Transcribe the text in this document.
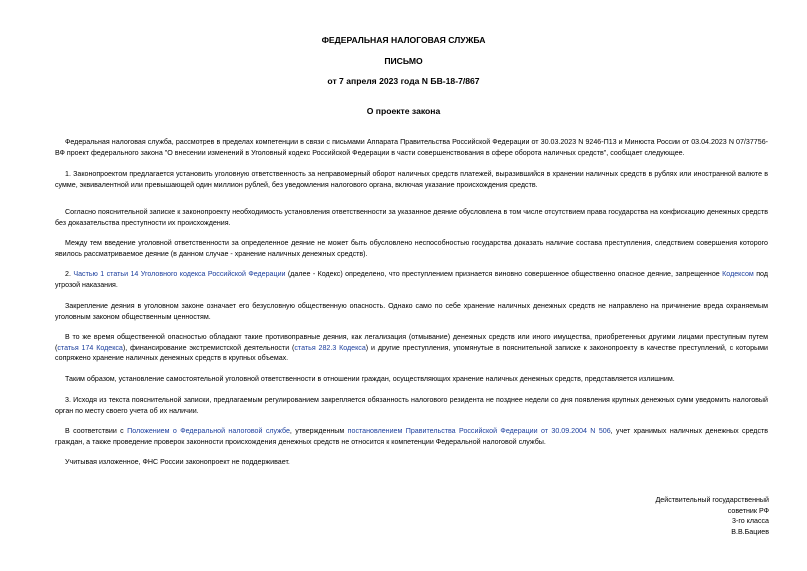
ФЕДЕРАЛЬНАЯ НАЛОГОВАЯ СЛУЖБА
ПИСЬМО
от 7 апреля 2023 года N БВ-18-7/867
О проекте закона

Федеральная налоговая служба, рассмотрев в пределах компетенции в связи с письмами Аппарата Правительства Российской Федерации от 30.03.2023 N 9246-П13 и Минюста России от 03.04.2023 N 07/37756-ВФ проект федерального закона "О внесении изменений в Уголовный кодекс Российской Федерации в части совершенствования в сфере оборота наличных средств", сообщает следующее.

1. Законопроектом предлагается установить уголовную ответственность за неправомерный оборот наличных средств платежей, выразившийся в хранении наличных средств в рублях или иностранной валюте в сумме, эквивалентной или превышающей один миллион рублей, без уведомления налогового органа, включая указание происхождения средств.

Согласно пояснительной записке к законопроекту необходимость установления ответственности за указанное деяние обусловлена в том числе отсутствием права государства на конфискацию денежных средств без доказательства преступности их происхождения.

Между тем введение уголовной ответственности за определенное деяние не может быть обусловлено неспособностью государства доказать наличие состава преступления, следствием совершения которого явилось рассматриваемое деяние (в данном случае - хранение наличных денежных средств).

2. Частью 1 статьи 14 Уголовного кодекса Российской Федерации (далее - Кодекс) определено, что преступлением признается виновно совершенное общественно опасное деяние, запрещенное Кодексом под угрозой наказания.

Закрепление деяния в уголовном законе означает его безусловную общественную опасность. Однако само по себе хранение наличных денежных средств не направлено на причинение вреда охраняемым уголовным законом общественным ценностям.

В то же время общественной опасностью обладают такие противоправные деяния, как легализация (отмывание) денежных средств или иного имущества, приобретенных другими лицами преступным путем (статья 174 Кодекса), финансирование экстремистской деятельности (статья 282.3 Кодекса) и другие преступления, упомянутые в пояснительной записке к законопроекту в качестве преступлений, с которыми сопряжено хранение наличных денежных средств в крупных объемах.

Таким образом, установление самостоятельной уголовной ответственности в отношении граждан, осуществляющих хранение наличных денежных средств, представляется излишним.

3. Исходя из текста пояснительной записки, предлагаемым регулированием закрепляется обязанность налогового резидента не позднее недели со дня появления крупных денежных сумм уведомить налоговый орган по месту своего учета об их наличии.

В соответствии с Положением о Федеральной налоговой службе, утвержденным постановлением Правительства Российской Федерации от 30.09.2004 N 506, учет хранимых наличных денежных средств граждан, а также проведение проверок законности происхождения денежных средств не относится к компетенции Федеральной налоговой службы.

Учитывая изложенное, ФНС России законопроект не поддерживает.

Действительный государственный
советник РФ
3-го класса
В.В.Бациев
